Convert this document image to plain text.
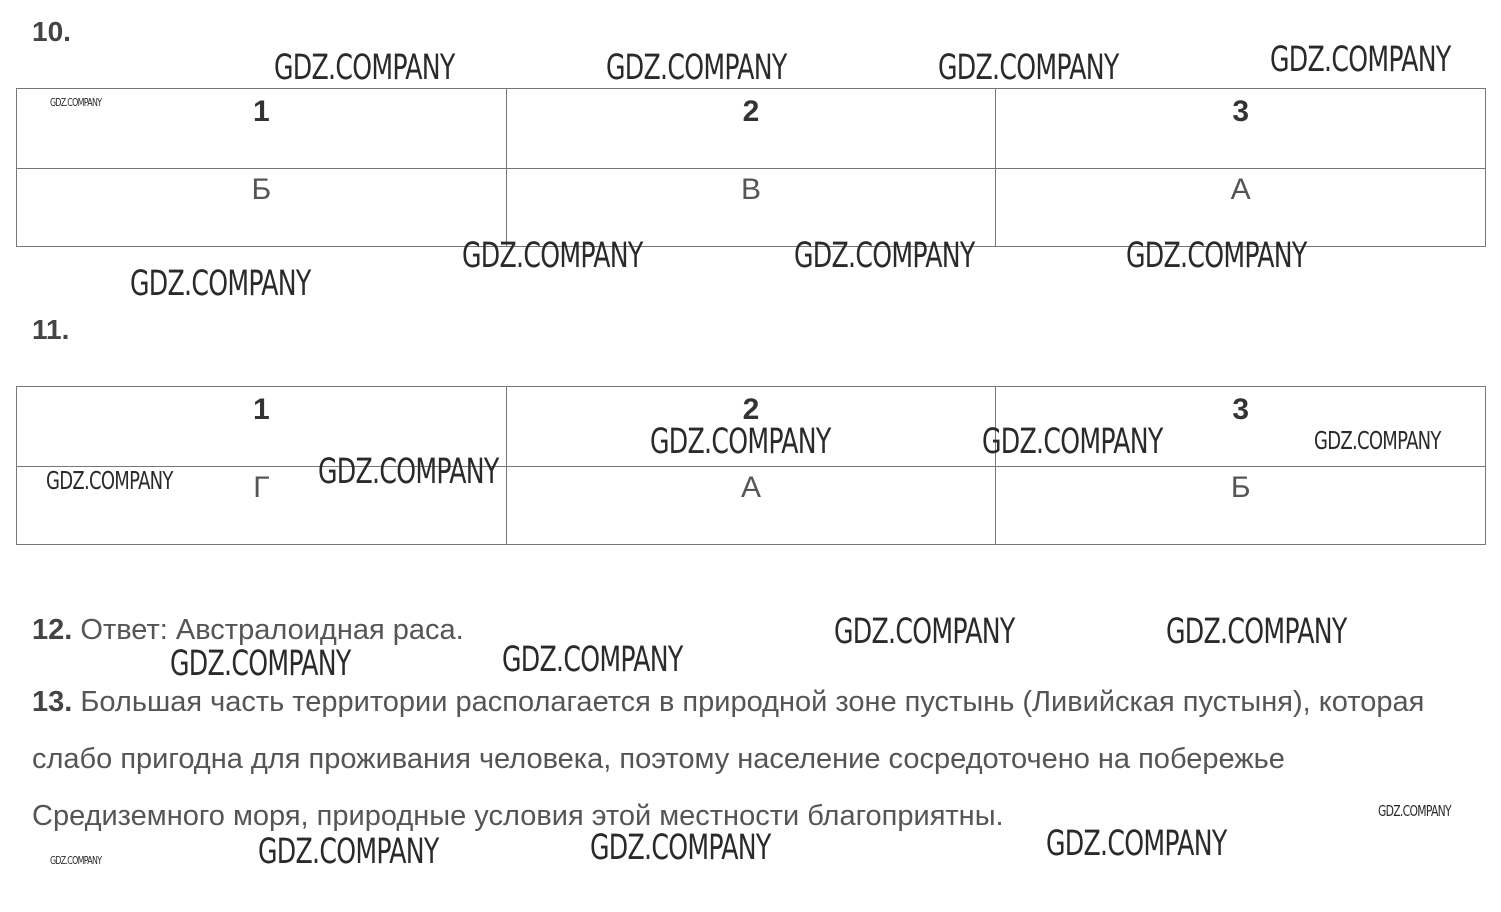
10.
1	2	3
Б	В	А
11.
1	2	3
Г	А	Б
12. Ответ: Австралоидная раса.
13. Большая часть территории располагается в природной зоне пустынь (Ливийская пустыня), которая слабо пригодна для проживания человека, поэтому население сосредоточено на побережье Средиземного моря, природные условия этой местности благоприятны.
GDZ.COMPANY	GDZ.COMPANY	GDZ.COMPANY	GDZ.COMPANY
GDZ.COMPANY
GDZ.COMPANY	GDZ.COMPANY	GDZ.COMPANY
GDZ.COMPANY
GDZ.COMPANY	GDZ.COMPANY	GDZ.COMPANY
GDZ.COMPANY
GDZ.COMPANY
GDZ.COMPANY	GDZ.COMPANY
GDZ.COMPANY
GDZ.COMPANY
GDZ.COMPANY
GDZ.COMPANY
GDZ.COMPANY
GDZ.COMPANY
GDZ.COMPANY
